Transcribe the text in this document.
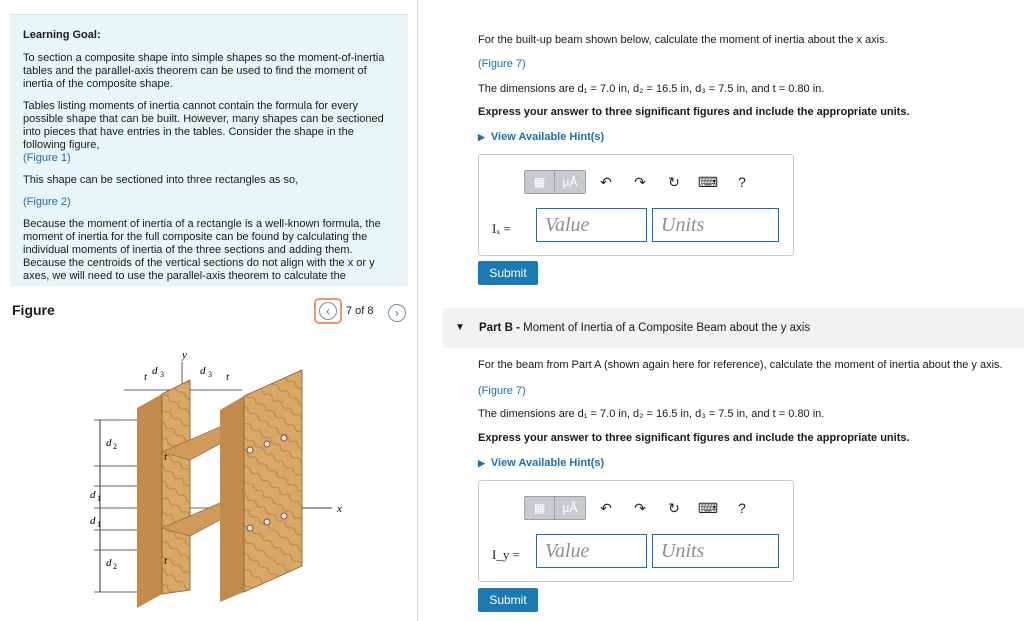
Learning Goal:

To section a composite shape into simple shapes so the moment-of-inertia tables and the parallel-axis theorem can be used to find the moment of inertia of the composite shape.

Tables listing moments of inertia cannot contain the formula for every possible shape that can be built. However, many shapes can be sectioned into pieces that have entries in the tables. Consider the shape in the following figure,
(Figure 1)

This shape can be sectioned into three rectangles as so,

(Figure 2)

Because the moment of inertia of a rectangle is a well-known formula, the moment of inertia for the full composite can be found by calculating the individual moments of inertia of the three sections and adding them. Because the centroids of the vertical sections do not align with the x or y axes, we will need to use the parallel-axis theorem to calculate the

Figure	‹	7 of 8	›
y
x
t	t
d 3	d 3
d 2
d 1
d 1
d 2
t
t
For the built-up beam shown below, calculate the moment of inertia about the x axis.
(Figure 7)
The dimensions are d₁ = 7.0 in, d₂ = 16.5 in, d₃ = 7.5 in, and t = 0.80 in.
Express your answer to three significant figures and include the appropriate units.
▶ View Available Hint(s)
▦	μÅ	↶	↷	↻	⌨	?
Iₓ =	Value	Units
Submit
▼ Part B - Moment of Inertia of a Composite Beam about the y axis
For the beam from Part A (shown again here for reference), calculate the moment of inertia about the y axis.
(Figure 7)
The dimensions are d₁ = 7.0 in, d₂ = 16.5 in, d₃ = 7.5 in, and t = 0.80 in.
Express your answer to three significant figures and include the appropriate units.
▶ View Available Hint(s)
▦	μÅ	↶	↷	↻	⌨	?
I_y =	Value	Units
Submit
